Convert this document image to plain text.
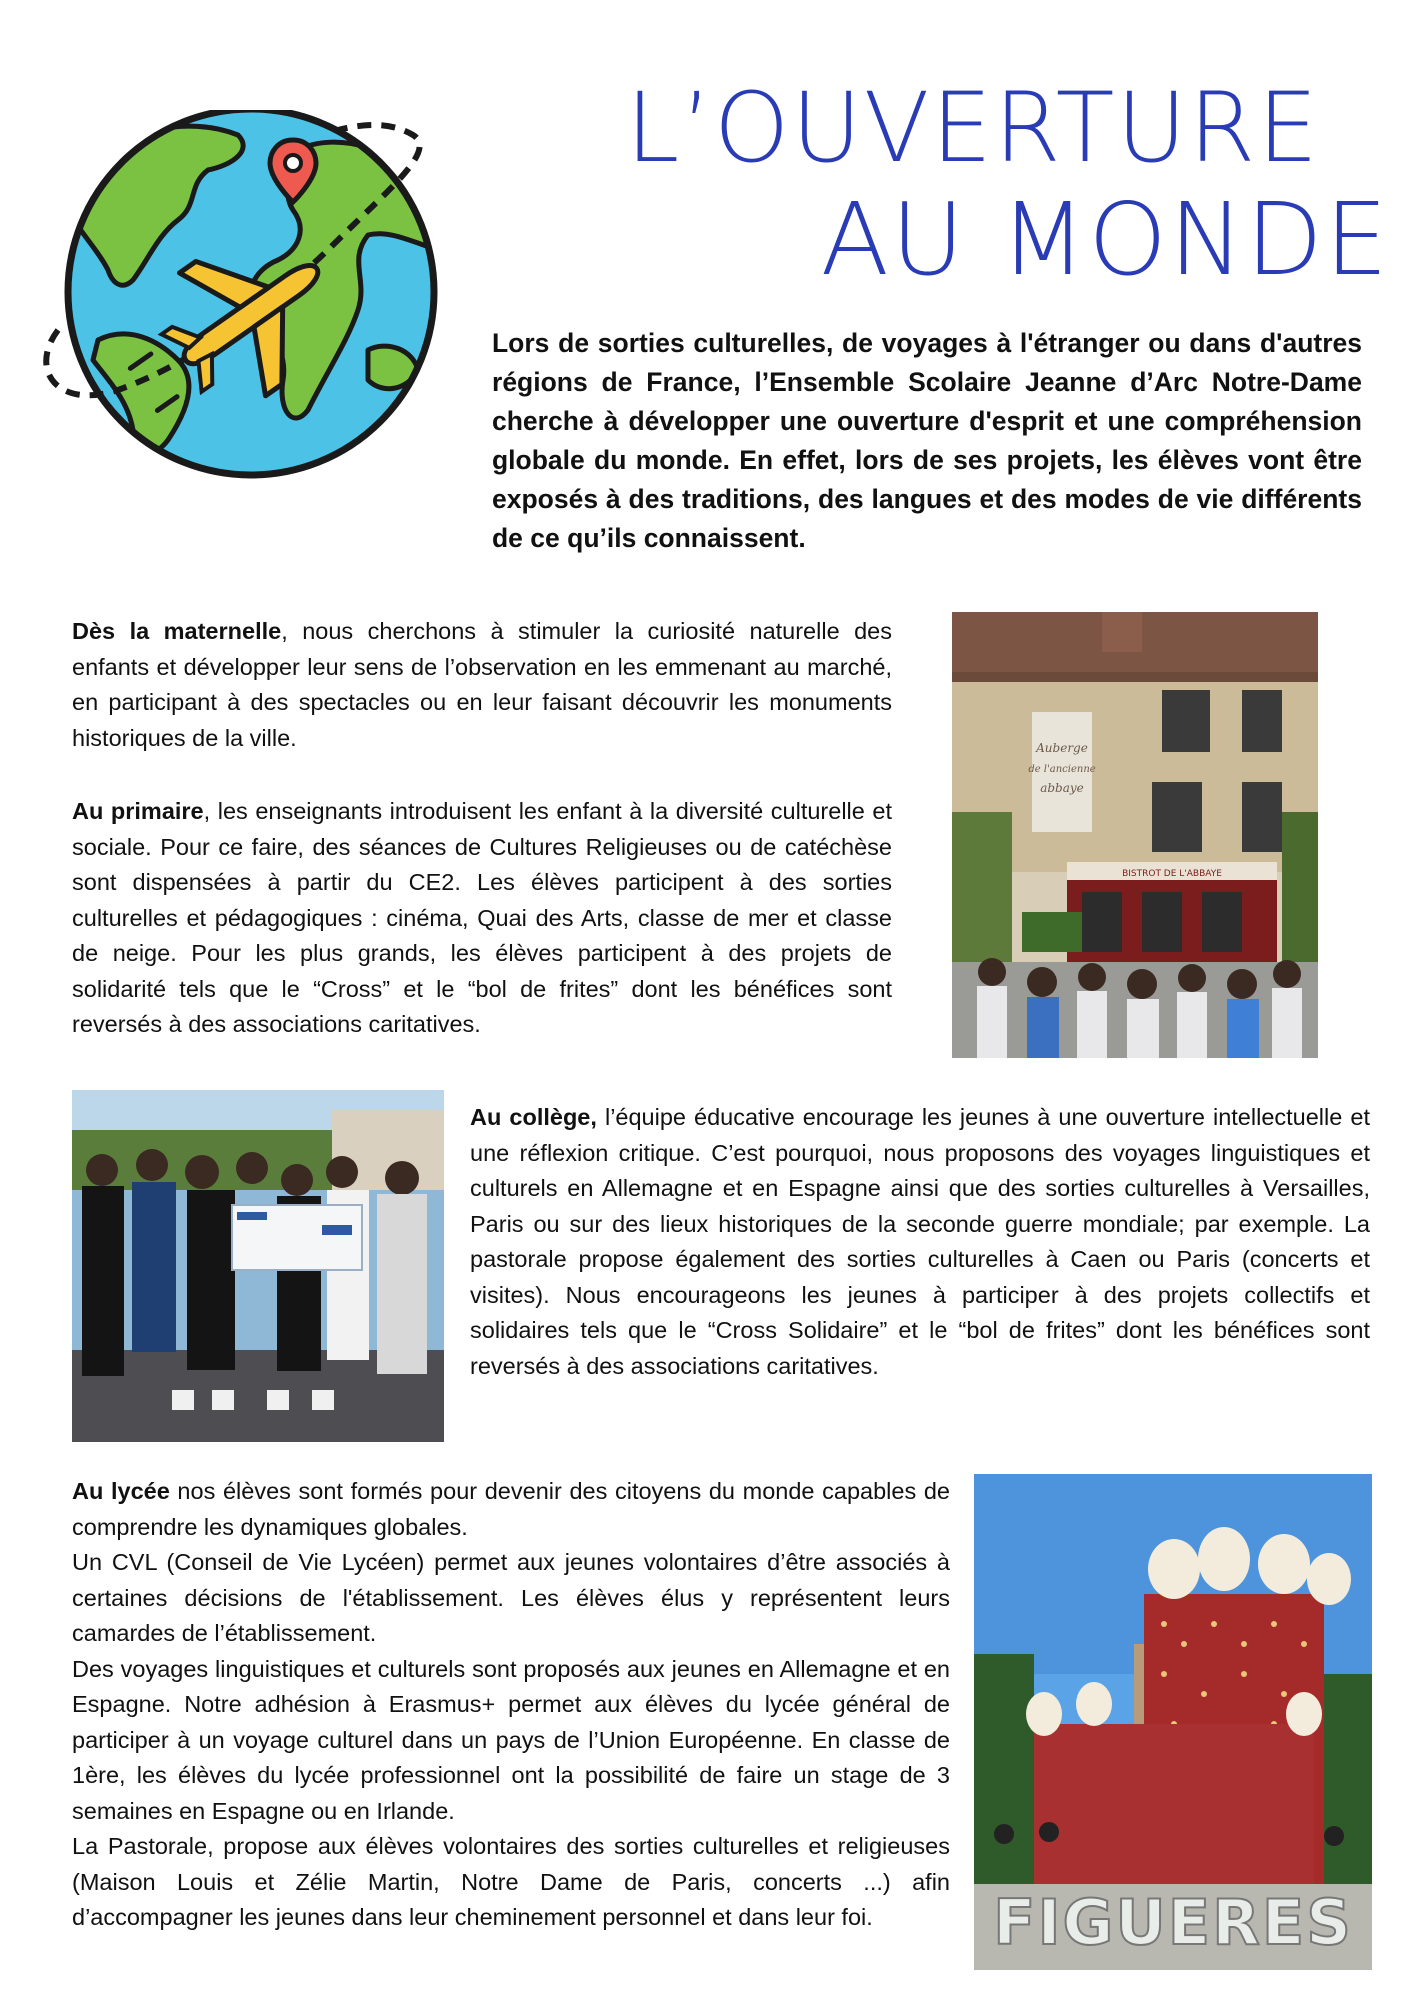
L’OUVERTURE
AU MONDE
Lors de sorties culturelles, de voyages à l'étranger ou dans d'autres régions de France, l’Ensemble Scolaire Jeanne d’Arc Notre-Dame cherche à développer une ouverture d'esprit et une compréhension globale du monde. En effet, lors de ses projets, les élèves vont être exposés à des traditions, des langues et des modes de vie différents de ce qu’ils connaissent.

Dès la maternelle, nous cherchons à stimuler la curiosité naturelle des enfants et développer leur sens de l’observation en les emmenant au marché, en participant à des spectacles ou en leur faisant découvrir les monuments historiques de la ville.

Au primaire, les enseignants introduisent les enfant à la diversité culturelle et sociale. Pour ce faire, des séances de Cultures Religieuses ou de catéchèse sont dispensées à partir du CE2. Les élèves participent à des sorties culturelles et pédagogiques : cinéma, Quai des Arts, classe de mer et classe de neige. Pour les plus grands, les élèves participent à des projets de solidarité tels que le “Cross” et le “bol de frites” dont les bénéfices sont reversés à des associations caritatives.

Auberge
de l'ancienne
abbaye
BISTROT DE L'ABBAYE

Au collège, l’équipe éducative encourage les jeunes à une ouverture intellectuelle et une réflexion critique. C’est pourquoi, nous proposons des voyages linguistiques et culturels en Allemagne et en Espagne ainsi que des sorties culturelles à Versailles, Paris ou sur des lieux historiques de la seconde guerre mondiale; par exemple. La pastorale propose également des sorties culturelles à Caen ou Paris (concerts et visites). Nous encourageons les jeunes à participer à des projets collectifs et solidaires tels que le “Cross Solidaire” et le “bol de frites” dont les bénéfices sont reversés à des associations caritatives.

Au lycée nos élèves sont formés pour devenir des citoyens du monde capables de comprendre les dynamiques globales.

Un CVL (Conseil de Vie Lycéen) permet aux jeunes volontaires d’être associés à certaines décisions de l'établissement. Les élèves élus y représentent leurs camardes de l’établissement.

Des voyages linguistiques et culturels sont proposés aux jeunes en Allemagne et en Espagne. Notre adhésion à Erasmus+ permet aux élèves du lycée général de participer à un voyage culturel dans un pays de l’Union Européenne. En classe de 1ère, les élèves du lycée professionnel ont la possibilité de faire un stage de 3 semaines en Espagne ou en Irlande.

La Pastorale, propose aux élèves volontaires des sorties culturelles et religieuses (Maison Louis et Zélie Martin, Notre Dame de Paris, concerts ...) afin d’accompagner les jeunes dans leur cheminement personnel et dans leur foi.	FIGUERES
